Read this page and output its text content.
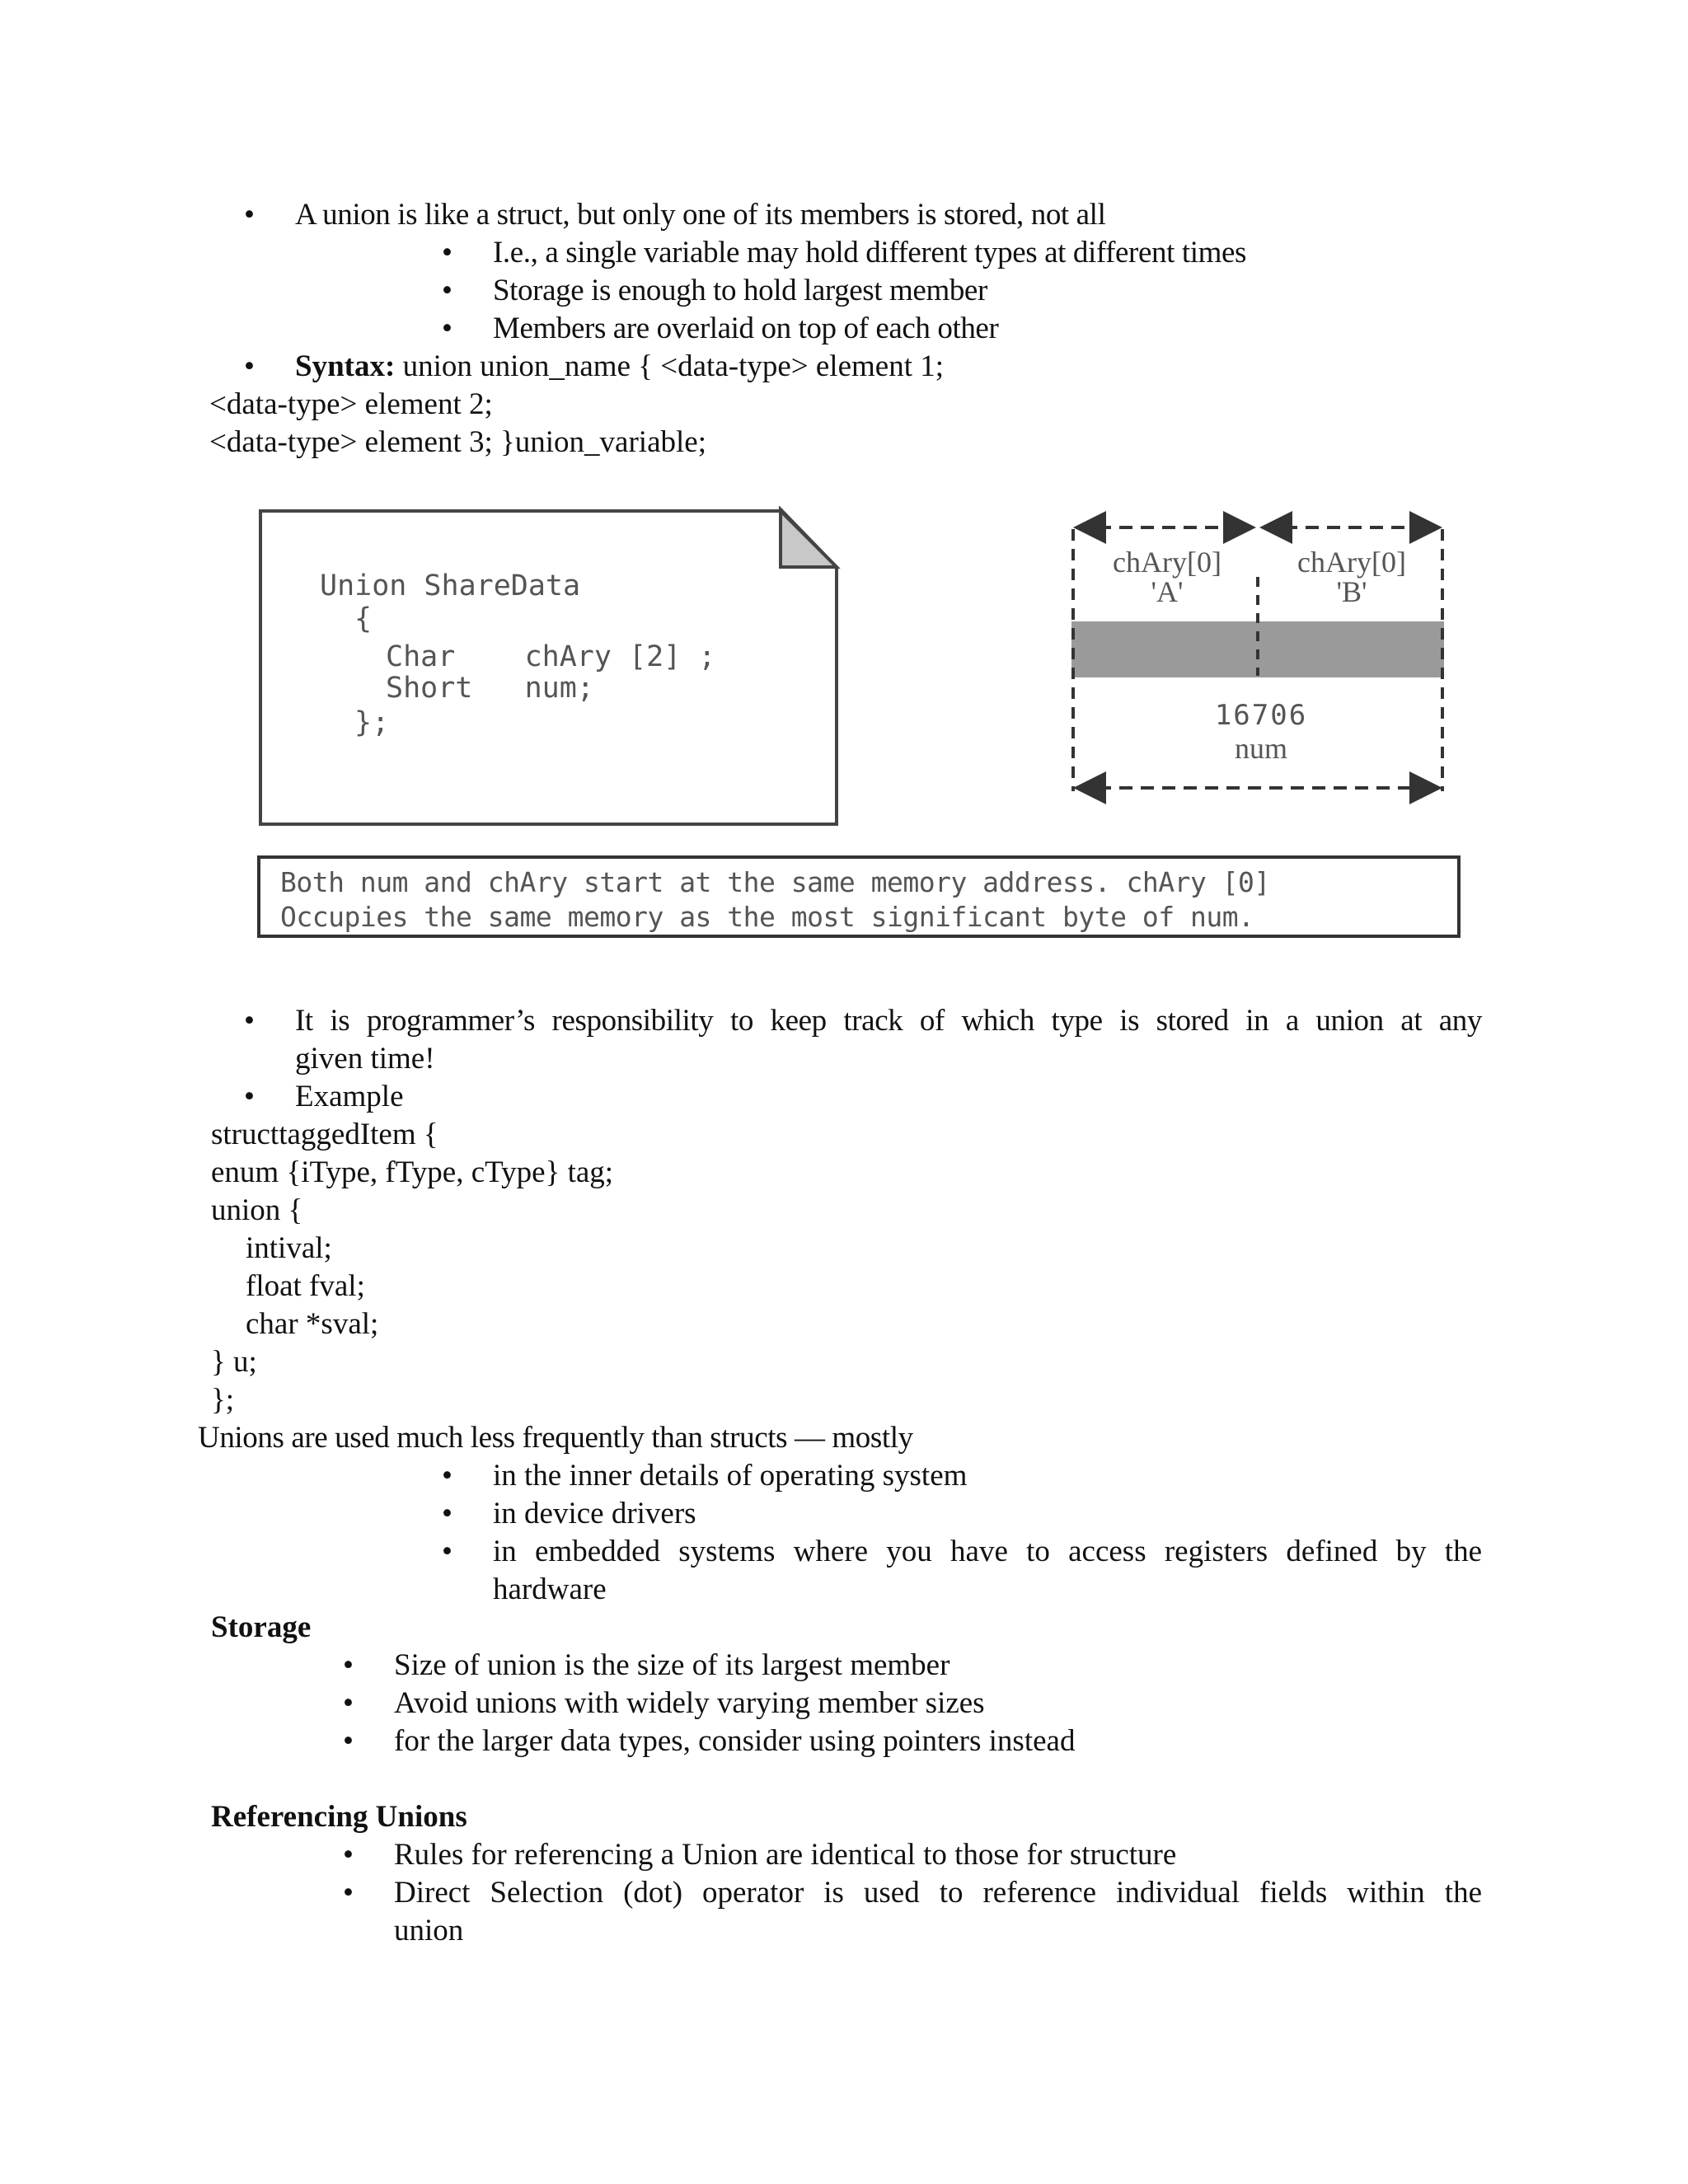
• A union is like a struct, but only one of its members is stored, not all
• I.e., a single variable may hold different types at different times
• Storage is enough to hold largest member
• Members are overlaid on top of each other
• Syntax: union union_name { <data-type> element 1;
<data-type> element 2;
<data-type> element 3; }union_variable;
Union ShareData
{
Char    chAry [2] ;
Short   num;
};
chAry[0]
'A'
chAry[0]
'B'
16706
num
Both num and chAry start at the same memory address. chAry [0]
Occupies the same memory as the most significant byte of num.
• It is programmer’s responsibility to keep track of which type is stored in a union at any
given time!
• Example
structtaggedItem {
enum {iType, fType, cType} tag;
union {
intival;
float fval;
char *sval;
} u;
};
Unions are used much less frequently than structs — mostly
• in the inner details of operating system
• in device drivers
• in embedded systems where you have to access registers defined by the
hardware
Storage
• Size of union is the size of its largest member
• Avoid unions with widely varying member sizes
• for the larger data types, consider using pointers instead
Referencing Unions
• Rules for referencing a Union are identical to those for structure
• Direct Selection (dot) operator is used to reference individual fields within the
union
